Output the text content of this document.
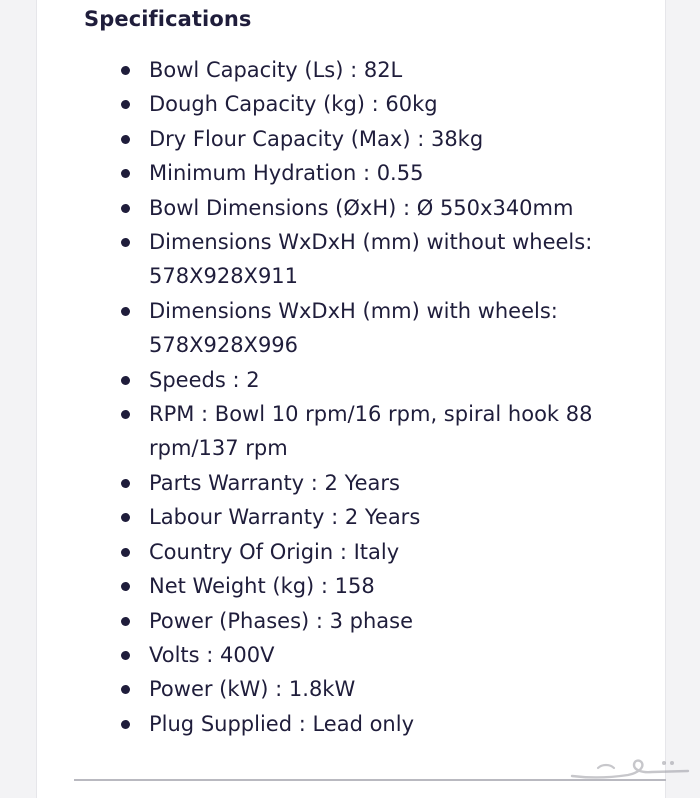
Specifications
Bowl Capacity (Ls) : 82L
Dough Capacity (kg) : 60kg
Dry Flour Capacity (Max) : 38kg
Minimum Hydration : 0.55
Bowl Dimensions (ØxH) : Ø 550x340mm
Dimensions WxDxH (mm) without wheels: 578X928X911
Dimensions WxDxH (mm) with wheels: 578X928X996
Speeds : 2
RPM : Bowl 10 rpm/16 rpm, spiral hook 88 rpm/137 rpm
Parts Warranty : 2 Years
Labour Warranty : 2 Years
Country Of Origin : Italy
Net Weight (kg) : 158
Power (Phases) : 3 phase
Volts : 400V
Power (kW) : 1.8kW
Plug Supplied : Lead only
